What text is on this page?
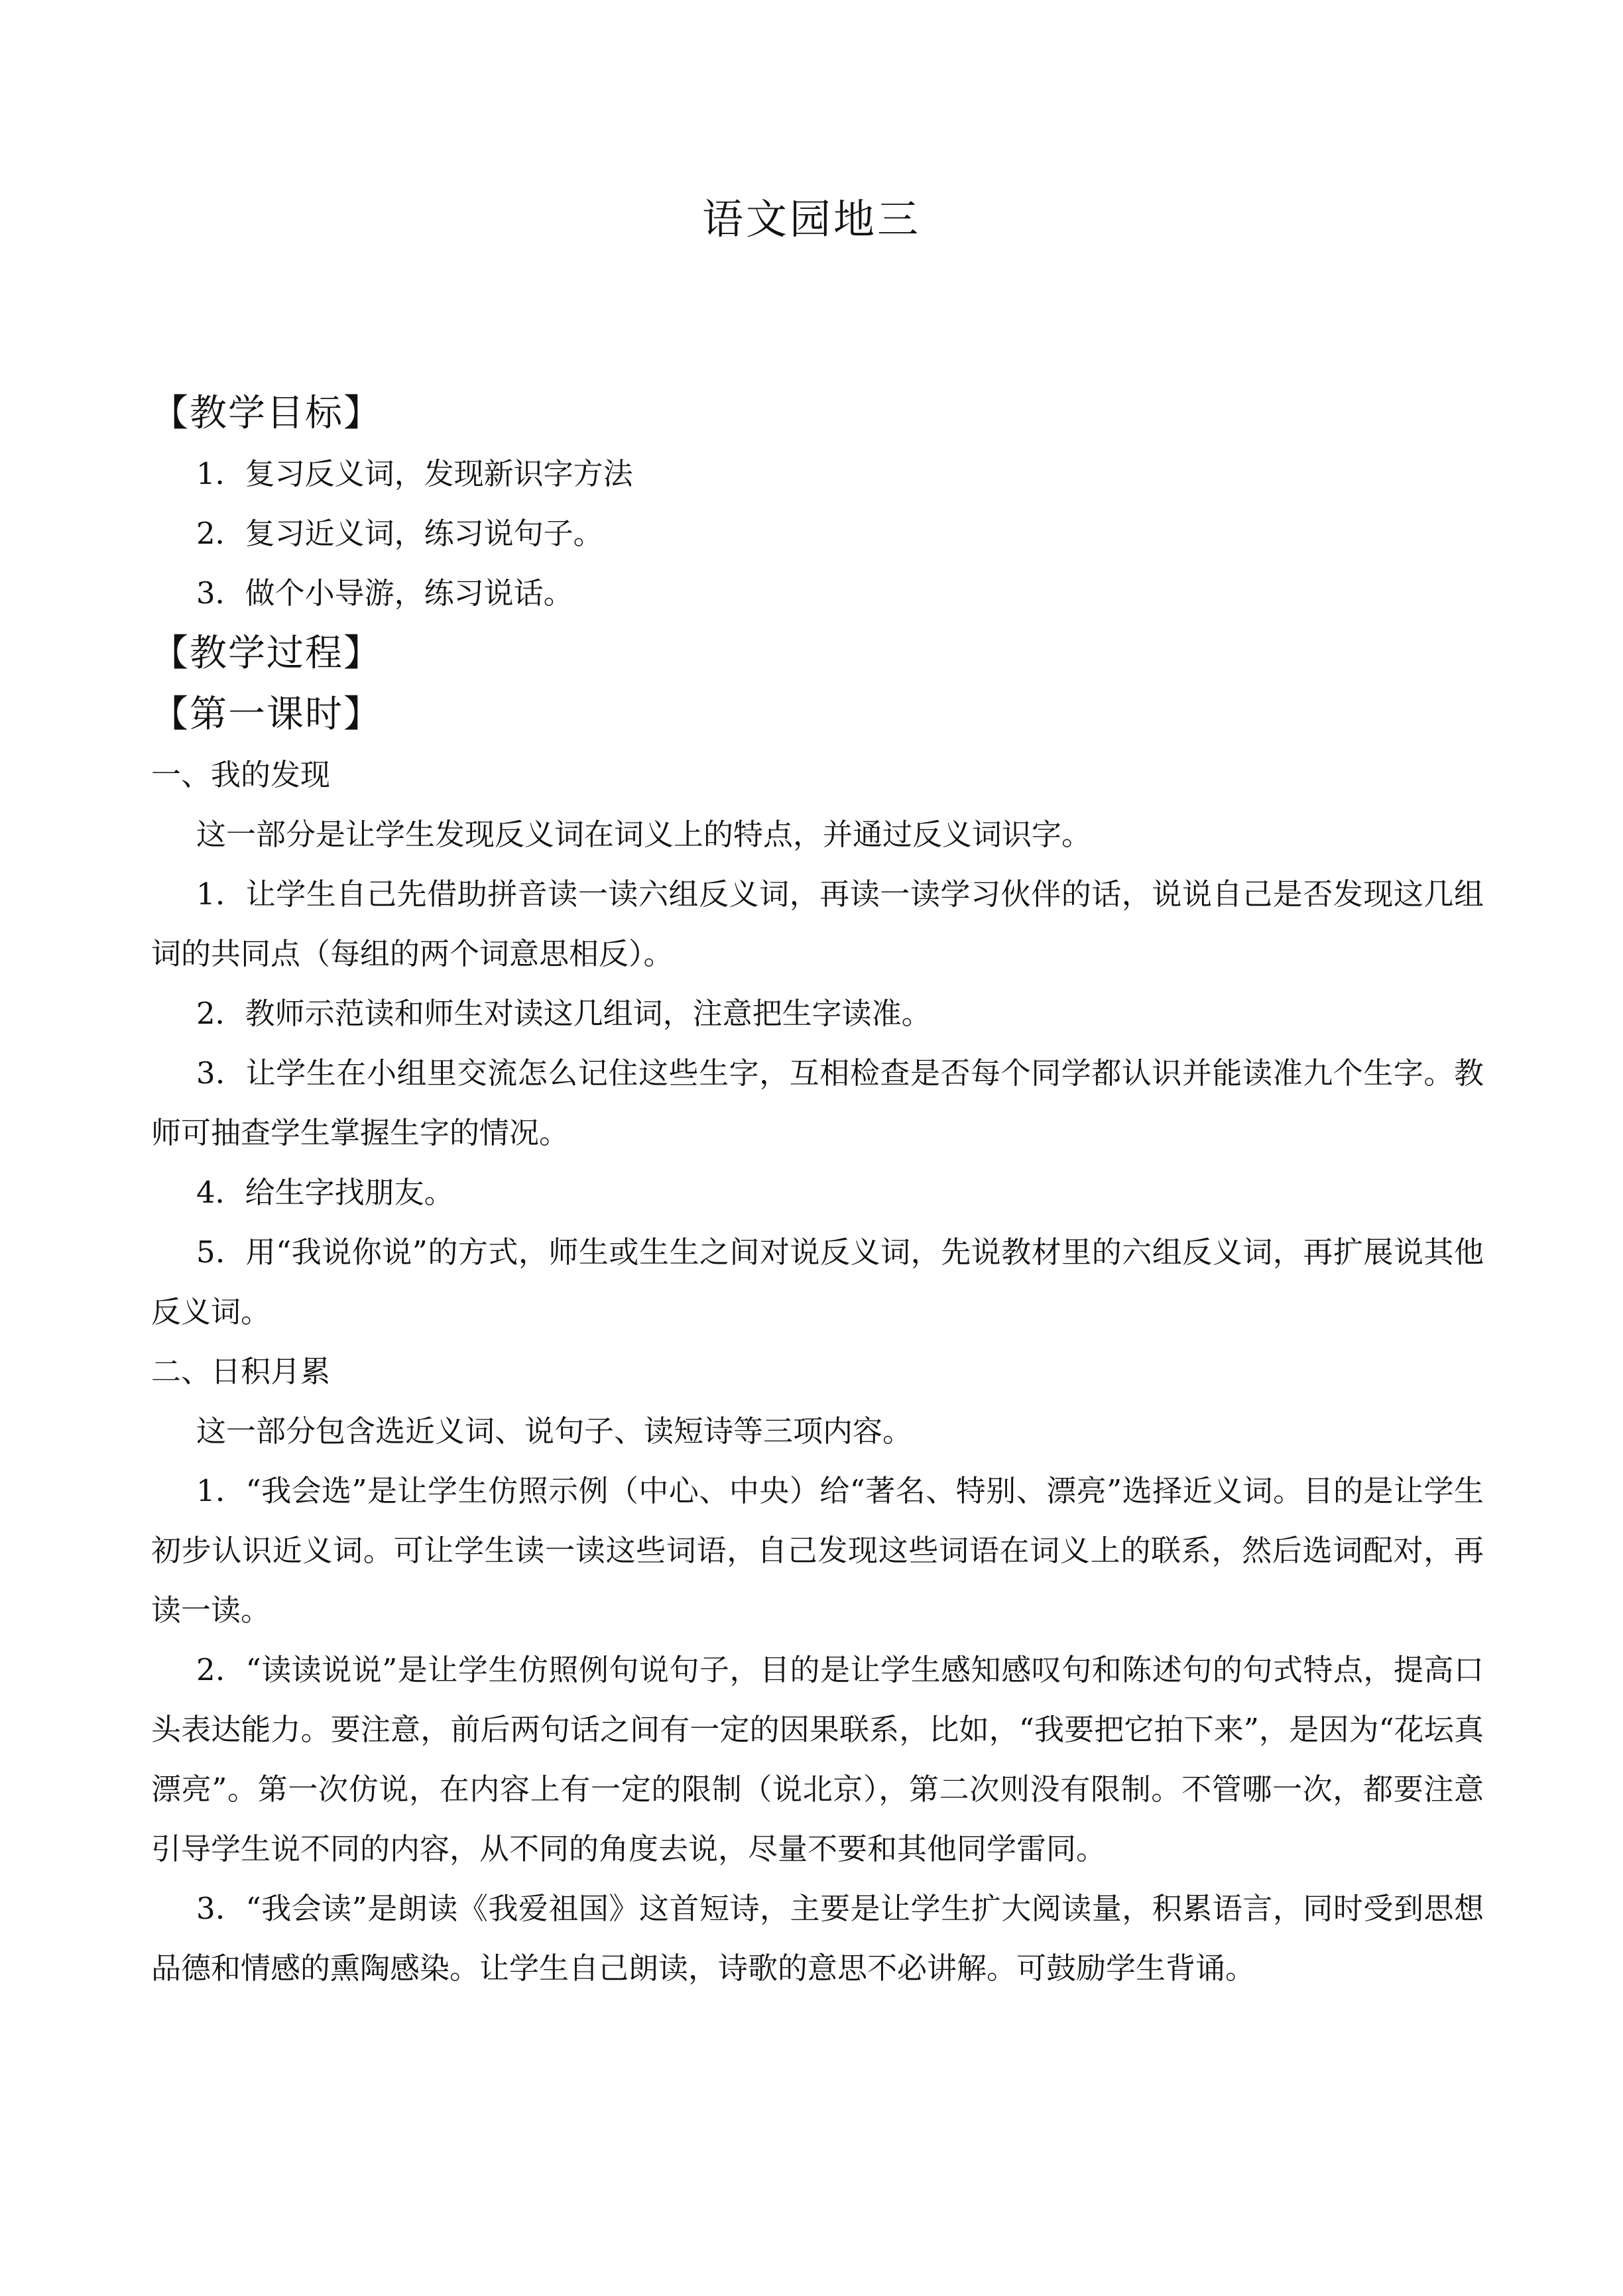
语文园地三

【教学目标】

1．复习反义词，发现新识字方法

2．复习近义词，练习说句子。

3．做个小导游，练习说话。

【教学过程】

【第一课时】

一、我的发现

这一部分是让学生发现反义词在词义上的特点，并通过反义词识字。

1．让学生自己先借助拼音读一读六组反义词，再读一读学习伙伴的话，说说自己是否发现这几组词的共同点（每组的两个词意思相反）。

2．教师示范读和师生对读这几组词，注意把生字读准。

3．让学生在小组里交流怎么记住这些生字，互相检查是否每个同学都认识并能读准九个生字。教师可抽查学生掌握生字的情况。

4．给生字找朋友。

5．用“我说你说”的方式，师生或生生之间对说反义词，先说教材里的六组反义词，再扩展说其他反义词。

二、日积月累

这一部分包含选近义词、说句子、读短诗等三项内容。

1．“我会选”是让学生仿照示例（中心、中央）给“著名、特别、漂亮”选择近义词。目的是让学生初步认识近义词。可让学生读一读这些词语，自己发现这些词语在词义上的联系，然后选词配对，再读一读。

2．“读读说说”是让学生仿照例句说句子，目的是让学生感知感叹句和陈述句的句式特点，提高口头表达能力。要注意，前后两句话之间有一定的因果联系，比如，“我要把它拍下来”，是因为“花坛真漂亮”。第一次仿说，在内容上有一定的限制（说北京），第二次则没有限制。不管哪一次，都要注意引导学生说不同的内容，从不同的角度去说，尽量不要和其他同学雷同。

3．“我会读”是朗读《我爱祖国》这首短诗，主要是让学生扩大阅读量，积累语言，同时受到思想品德和情感的熏陶感染。让学生自己朗读，诗歌的意思不必讲解。可鼓励学生背诵。
